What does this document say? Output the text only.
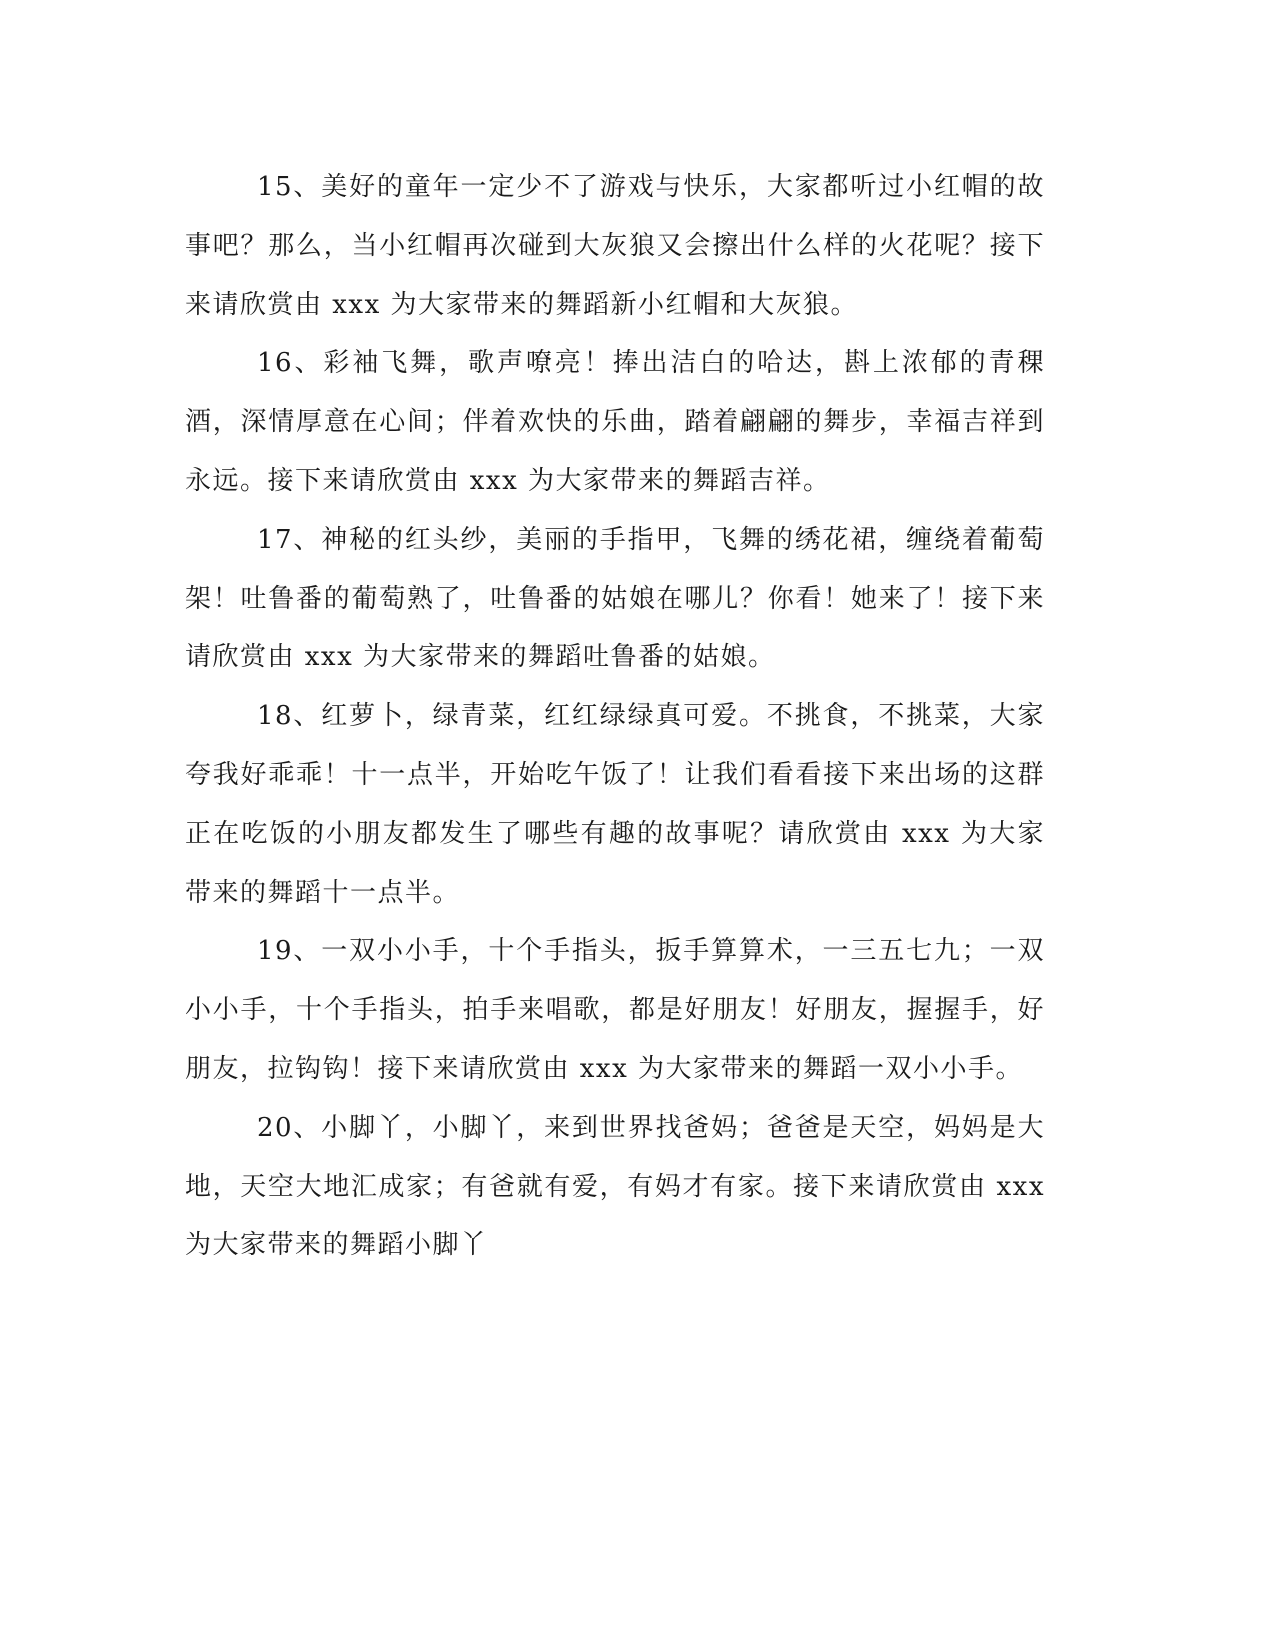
15、美好的童年一定少不了游戏与快乐，大家都听过小红帽的故事吧？那么，当小红帽再次碰到大灰狼又会擦出什么样的火花呢？接下来请欣赏由 xxx 为大家带来的舞蹈新小红帽和大灰狼。

16、彩袖飞舞，歌声嘹亮！捧出洁白的哈达，斟上浓郁的青稞酒，深情厚意在心间；伴着欢快的乐曲，踏着翩翩的舞步，幸福吉祥到永远。接下来请欣赏由 xxx 为大家带来的舞蹈吉祥。

17、神秘的红头纱，美丽的手指甲，飞舞的绣花裙，缠绕着葡萄架！吐鲁番的葡萄熟了，吐鲁番的姑娘在哪儿？你看！她来了！接下来请欣赏由 xxx 为大家带来的舞蹈吐鲁番的姑娘。

18、红萝卜，绿青菜，红红绿绿真可爱。不挑食，不挑菜，大家夸我好乖乖！十一点半，开始吃午饭了！让我们看看接下来出场的这群正在吃饭的小朋友都发生了哪些有趣的故事呢？请欣赏由 xxx 为大家带来的舞蹈十一点半。

19、一双小小手，十个手指头，扳手算算术，一三五七九；一双小小手，十个手指头，拍手来唱歌，都是好朋友！好朋友，握握手，好朋友，拉钩钩！接下来请欣赏由 xxx 为大家带来的舞蹈一双小小手。

20、小脚丫，小脚丫，来到世界找爸妈；爸爸是天空，妈妈是大地，天空大地汇成家；有爸就有爱，有妈才有家。接下来请欣赏由 xxx 为大家带来的舞蹈小脚丫
